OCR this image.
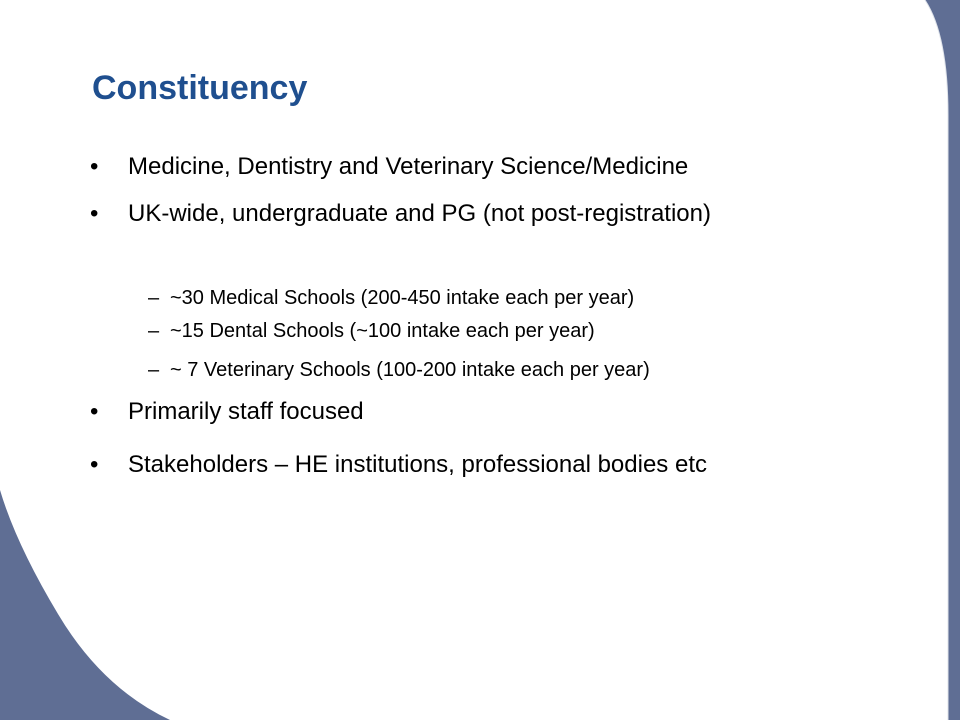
Constituency
•	Medicine, Dentistry and Veterinary Science/Medicine
•	UK-wide, undergraduate and PG (not post-registration)
– ~30 Medical Schools (200-450 intake each per year)
– ~15 Dental Schools (~100 intake each per year)
– ~ 7 Veterinary Schools (100-200 intake each per year)
•	Primarily staff focused
•	Stakeholders – HE institutions, professional bodies etc
